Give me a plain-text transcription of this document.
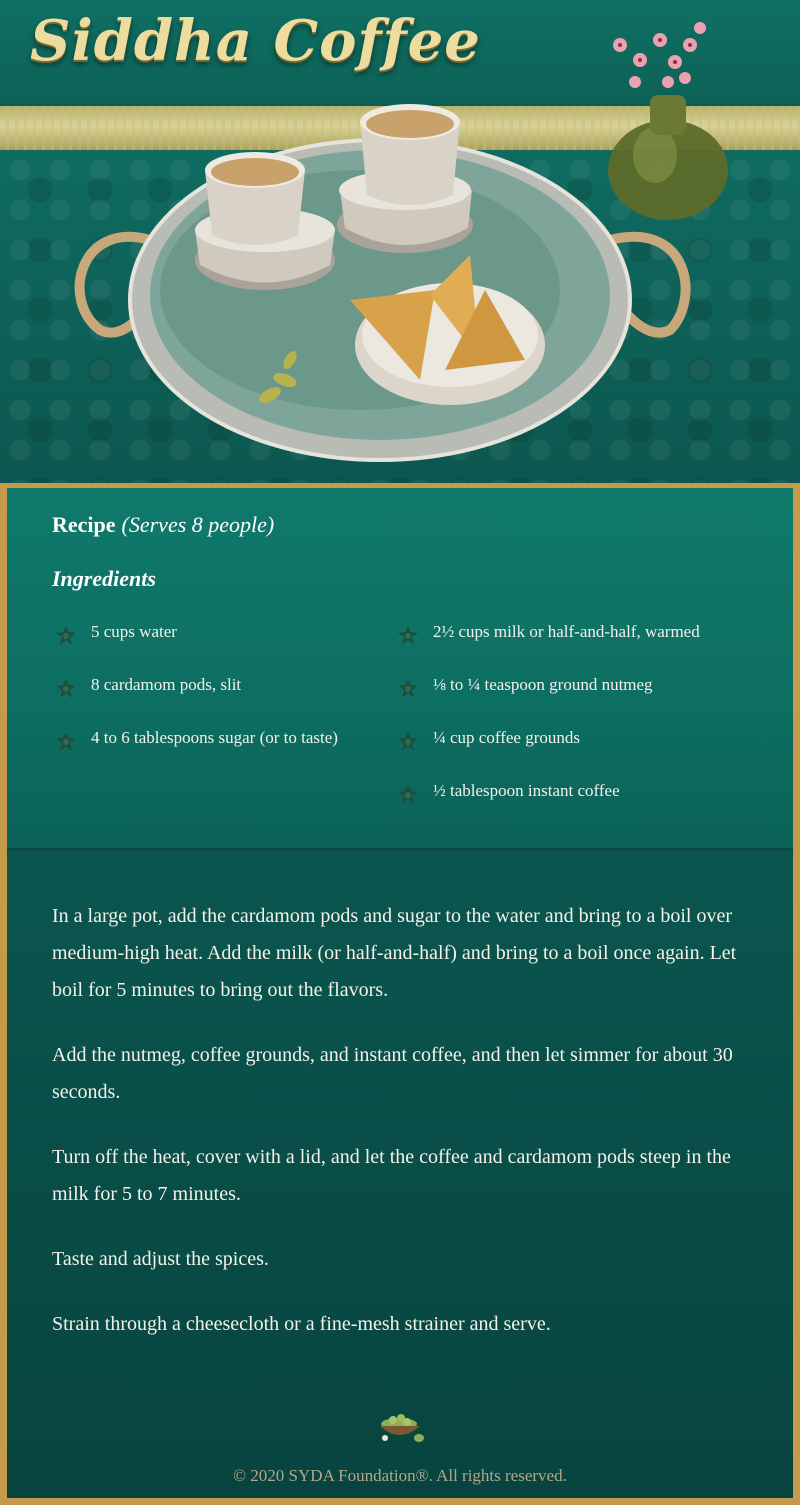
Siddha Coffee
Recipe (Serves 8 people)
Ingredients
5 cups water
8 cardamom pods, slit
4 to 6 tablespoons sugar (or to taste)
2½ cups milk or half-and-half, warmed
⅛ to ¼ teaspoon ground nutmeg
¼ cup coffee grounds
½ tablespoon instant coffee

In a large pot, add the cardamom pods and sugar to the water and bring to a boil over medium-high heat. Add the milk (or half-and-half) and bring to a boil once again. Let boil for 5 minutes to bring out the flavors.

Add the nutmeg, coffee grounds, and instant coffee, and then let simmer for about 30 seconds.

Turn off the heat, cover with a lid, and let the coffee and cardamom pods steep in the milk for 5 to 7 minutes.

Taste and adjust the spices.

Strain through a cheesecloth or a fine-mesh strainer and serve.

© 2020 SYDA Foundation®. All rights reserved.
